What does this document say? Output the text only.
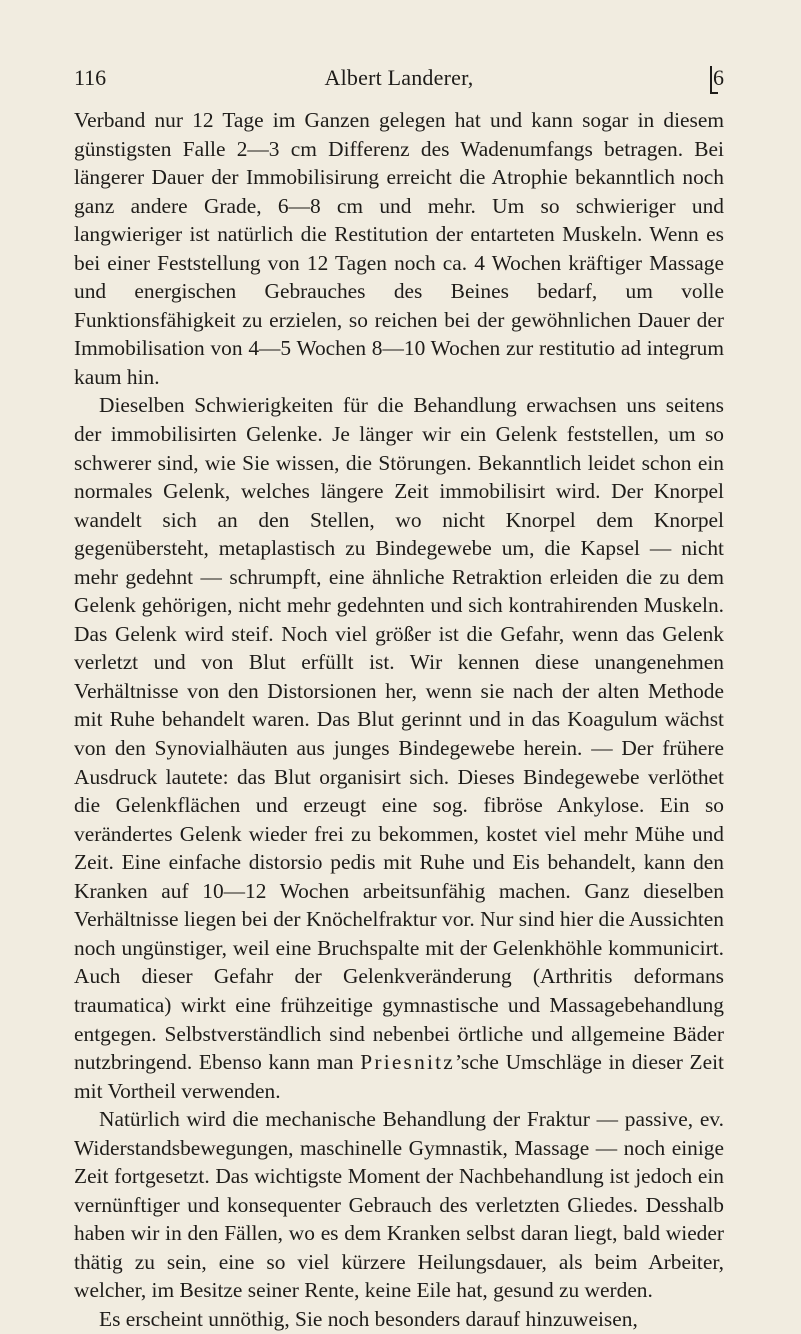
116	Albert Landerer,	6

Verband nur 12 Tage im Ganzen gelegen hat und kann sogar in diesem günstigsten Falle 2—3 cm Differenz des Wadenumfangs betragen. Bei längerer Dauer der Immobilisirung erreicht die Atrophie bekanntlich noch ganz andere Grade, 6—8 cm und mehr. Um so schwieriger und langwieriger ist natürlich die Restitution der entarteten Muskeln. Wenn es bei einer Feststellung von 12 Tagen noch ca. 4 Wochen kräftiger Massage und energischen Gebrauches des Beines bedarf, um volle Funktionsfähigkeit zu erzielen, so reichen bei der gewöhnlichen Dauer der Immobilisation von 4—5 Wochen 8—10 Wochen zur restitutio ad integrum kaum hin.

Dieselben Schwierigkeiten für die Behandlung erwachsen uns seitens der immobilisirten Gelenke. Je länger wir ein Gelenk feststellen, um so schwerer sind, wie Sie wissen, die Störungen. Bekanntlich leidet schon ein normales Gelenk, welches längere Zeit immobilisirt wird. Der Knorpel wandelt sich an den Stellen, wo nicht Knorpel dem Knorpel gegenübersteht, metaplastisch zu Bindegewebe um, die Kapsel — nicht mehr gedehnt — schrumpft, eine ähnliche Retraktion erleiden die zu dem Gelenk gehörigen, nicht mehr gedehnten und sich kontrahirenden Muskeln. Das Gelenk wird steif. Noch viel größer ist die Gefahr, wenn das Gelenk verletzt und von Blut erfüllt ist. Wir kennen diese unangenehmen Verhältnisse von den Distorsionen her, wenn sie nach der alten Methode mit Ruhe behandelt waren. Das Blut gerinnt und in das Koagulum wächst von den Synovialhäuten aus junges Bindegewebe herein. — Der frühere Ausdruck lautete: das Blut organisirt sich. Dieses Bindegewebe verlöthet die Gelenkflächen und erzeugt eine sog. fibröse Ankylose. Ein so verändertes Gelenk wieder frei zu bekommen, kostet viel mehr Mühe und Zeit. Eine einfache distorsio pedis mit Ruhe und Eis behandelt, kann den Kranken auf 10—12 Wochen arbeitsunfähig machen. Ganz dieselben Verhältnisse liegen bei der Knöchelfraktur vor. Nur sind hier die Aussichten noch ungünstiger, weil eine Bruchspalte mit der Gelenkhöhle kommunicirt. Auch dieser Gefahr der Gelenkveränderung (Arthritis deformans traumatica) wirkt eine frühzeitige gymnastische und Massagebehandlung entgegen. Selbstverständlich sind nebenbei örtliche und allgemeine Bäder nutzbringend. Ebenso kann man Priesnitz’sche Umschläge in dieser Zeit mit Vortheil verwenden.

Natürlich wird die mechanische Behandlung der Fraktur — passive, ev. Widerstandsbewegungen, maschinelle Gymnastik, Massage — noch einige Zeit fortgesetzt. Das wichtigste Moment der Nachbehandlung ist jedoch ein vernünftiger und konsequenter Gebrauch des verletzten Gliedes. Desshalb haben wir in den Fällen, wo es dem Kranken selbst daran liegt, bald wieder thätig zu sein, eine so viel kürzere Heilungsdauer, als beim Arbeiter, welcher, im Besitze seiner Rente, keine Eile hat, gesund zu werden.

Es erscheint unnöthig, Sie noch besonders darauf hinzuweisen,
